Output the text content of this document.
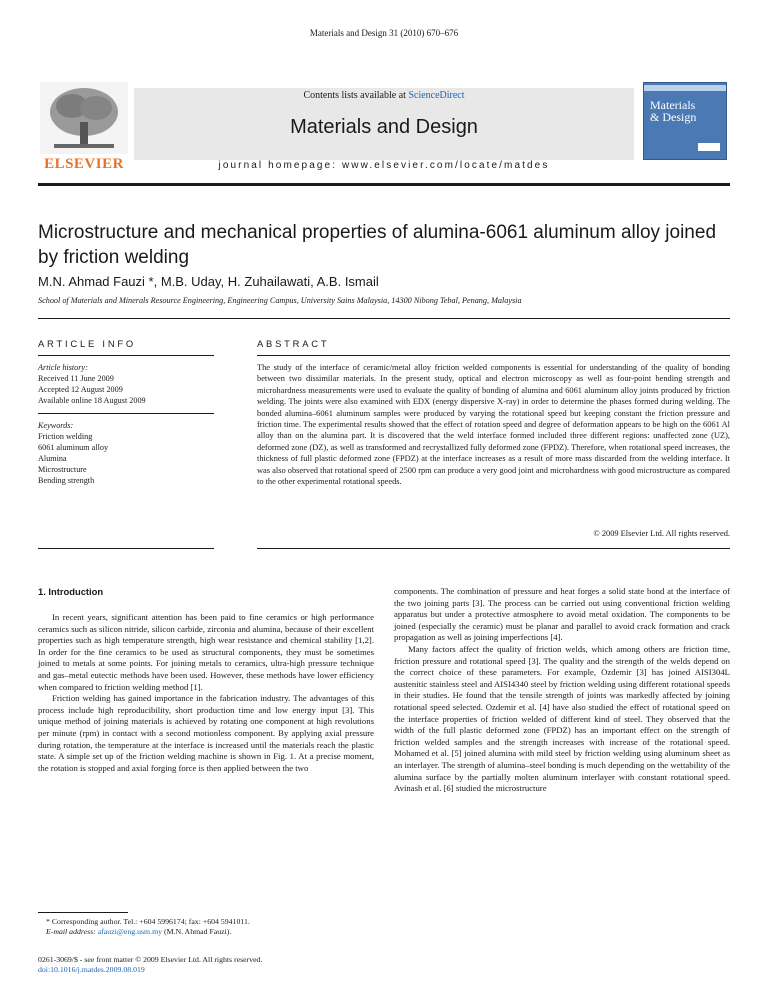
Materials and Design 31 (2010) 670–676
ELSEVIER
Contents lists available at ScienceDirect
Materials and Design
journal homepage: www.elsevier.com/locate/matdes
Materials
& Design
Microstructure and mechanical properties of alumina-6061 aluminum alloy joined by friction welding
M.N. Ahmad Fauzi *, M.B. Uday, H. Zuhailawati, A.B. Ismail
School of Materials and Minerals Resource Engineering, Engineering Campus, University Sains Malaysia, 14300 Nibong Tebal, Penang, Malaysia
ARTICLE INFO	ABSTRACT
Article history:
Received 11 June 2009
Accepted 12 August 2009
Available online 18 August 2009
Keywords:
Friction welding
6061 aluminum alloy
Alumina
Microstructure
Bending strength
The study of the interface of ceramic/metal alloy friction welded components is essential for understanding of the quality of bonding between two dissimilar materials. In the present study, optical and electron microscopy as well as four-point bending strength and microhardness measurements were used to evaluate the quality of bonding of alumina and 6061 aluminum alloy joints produced by friction welding. The joints were also examined with EDX (energy dispersive X-ray) in order to determine the phases formed during welding. The bonded alumina–6061 aluminum samples were produced by varying the rotational speed but keeping constant the friction pressure and friction time. The experimental results showed that the effect of rotation speed and degree of deformation appears to be high on the 6061 Al alloy than on the alumina part. It is discovered that the weld interface formed included three different regions: unaffected zone (UZ), deformed zone (DZ), as well as transformed and recrystallized fully deformed zone (FPDZ). Therefore, when rotational speed increases, the thickness of full plastic deformed zone (FPDZ) at the interface increases as a result of more mass discarded from the welding interface. It was also observed that rotational speed of 2500 rpm can produce a very good joint and microhardness with good microstructure as compared to the other experimental rotational speeds.
© 2009 Elsevier Ltd. All rights reserved.
1. Introduction

In recent years, significant attention has been paid to fine ceramics or high performance ceramics such as silicon nitride, silicon carbide, zirconia and alumina, because of their excellent properties such as high temperature strength, high wear resistance and chemical stability [1,2]. In order for the fine ceramics to be used as structural components, they must be sometimes joined to metals at some points. For joining metals to ceramics, ultra-high pressure technique and gas–metal eutectic methods have been used. However, these methods have lower efficiency when compared to friction welding method [1].

Friction welding has gained importance in the fabrication industry. The advantages of this process include high reproducibility, short production time and low energy input [3]. This unique method of joining materials is achieved by rotating one component at high revolutions per minute (rpm) in contact with a second motionless component. By applying axial pressure during rotation, the temperature at the interface is increased until the materials reach the plastic state. A simple set up of the friction welding machine is shown in Fig. 1. At a precise moment, the rotation is stopped and axial forging force is then applied between the two

components. The combination of pressure and heat forges a solid state bond at the interface of the two joining parts [3]. The process can be carried out using conventional friction welding apparatus but under a protective atmosphere to avoid metal oxidation. The components to be joined (especially the ceramic) must be planar and parallel to avoid crack formation and crack propagation as well as joining imperfections [4].

Many factors affect the quality of friction welds, which among others are friction time, friction pressure and rotational speed [3]. The quality and the strength of the welds depend on the correct choice of these parameters. For example, Ozdemir [3] has joined AISI304L austenitic stainless steel and AISI4340 steel by friction welding using different rotational speeds in their studies. He found that the tensile strength of joints was markedly affected by joining rotational speed selected. Ozdemir et al. [4] have also studied the effect of rotational speed on the interface properties of friction welded of different kind of steel. They observed that the width of the full plastic deformed zone (FPDZ) has an important effect on the strength of friction welded samples and the strength increases with increase of the rotational speed. Mohamed et al. [5] joined alumina with mild steel by friction welding using aluminum sheet as an interlayer. The strength of alumina–steel bonding is much depending on the wettability of the alumina surface by the partially molten aluminum interlayer with constant rotational speed. Avinash et al. [6] studied the microstructure

* Corresponding author. Tel.: +604 5996174; fax: +604 5941011.
E-mail address: afauzi@eng.usm.my (M.N. Ahmad Fauzi).
0261-3069/$ - see front matter © 2009 Elsevier Ltd. All rights reserved.
doi:10.1016/j.matdes.2009.08.019
